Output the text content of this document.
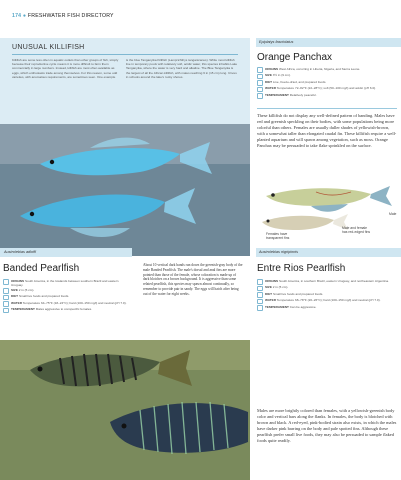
174 ● FRESHWATER FISH DIRECTORY
UNUSUAL KILLIFISH
Killifish are some less often in aquatic outlets than other groups of fish, simply because their reproductive cycle means it is more difficult to farm them commercially in large numbers. Instead, killifish are most often available as eggs, which enthusiasts trade among themselves. For this reason, some odd varieties, with anomalous requirements, are sometimes seen. One example
is the blue Tanganyika Killifish (Lamprichthys tanganicanus). While most killifish live in temporary pools with relatively soft, acidic water, this species inhabits Lake Tanganyika, where the water is very hard and alkaline. The Blue Tanganyika is the largest of all the African killifish, with males reaching 6 in (15 cm) long. It lives in schools around the lake's rocky shores.
Epiplatys fasciolatus
Orange Panchax
ORIGINS West Africa, occurring in Liberia, Nigeria, and Sierra Leone.
SIZE 3½ in (9 cm).
DIET Live, freeze-dried, and prepared foods.
WATER Temperature 72–82°F (22–28°C); soft (50–100 mg/l) and acidic (pH 6.0).
TEMPERAMENT Relatively peaceful.
These killifish do not display any well-defined pattern of banding. Males have red and greenish speckling on their bodies, with some populations being more colorful than others. Females are usually duller shades of yellowish-brown, with a somewhat taller than elongated caudal fin. These killifish require a well-planted aquarium and will spawn among vegetation, such as moss. Orange Panchax may be persuaded to take flake sprinkled on the surface.
Male
Females have transparent fins
Male and female has red-edged fins
Austrolebias adloffi
Banded Pearlfish
ORIGINS South America, in the lowlands between southern Brazil and eastern Uruguay.
SIZE 2 in (5 cm).
DIET Small live foods and prepared foods.
WATER Temperature 64–75°F (18–24°C); hard (100–150 mg/l) and neutral (pH 7.0).
TEMPERAMENT Males aggressive to conspecific females.
About 10 vertical dark bands run down the greenish-gray body of the male Banded Pearlfish. The male's dorsal and anal fins are more pointed than those of the female, whose coloration is made up of dark blotches on a brown background. It is aggressive than some related pearlfish, this species may spawn almost continually, so remember to provide pair in sandy. The eggs will hatch after being out of the water for eight weeks.
Austrolebias nigripinnis
Entre Rios Pearlfish
ORIGINS South America, in southern Brazil, eastern Uruguay, and northeastern Argentina.
SIZE 2 in (5 cm).
DIET Small live foods and prepared foods.
WATER Temperature 68–78°F (20–26°C); hard (100–150 mg/l) and neutral (pH 7.0).
TEMPERAMENT Can be aggressive.
Males are more brightly colored than females, with a yellowish-greenish body color and vertical bars along the flanks. In females, the body is blotched with brown and black. A red-eyed, pink-bodied strain also exists, in which the males have darker pink barring on the body and pale spotted fins. Although these pearlfish prefer small live foods, they may also be persuaded to sample flaked foods quite readily.
